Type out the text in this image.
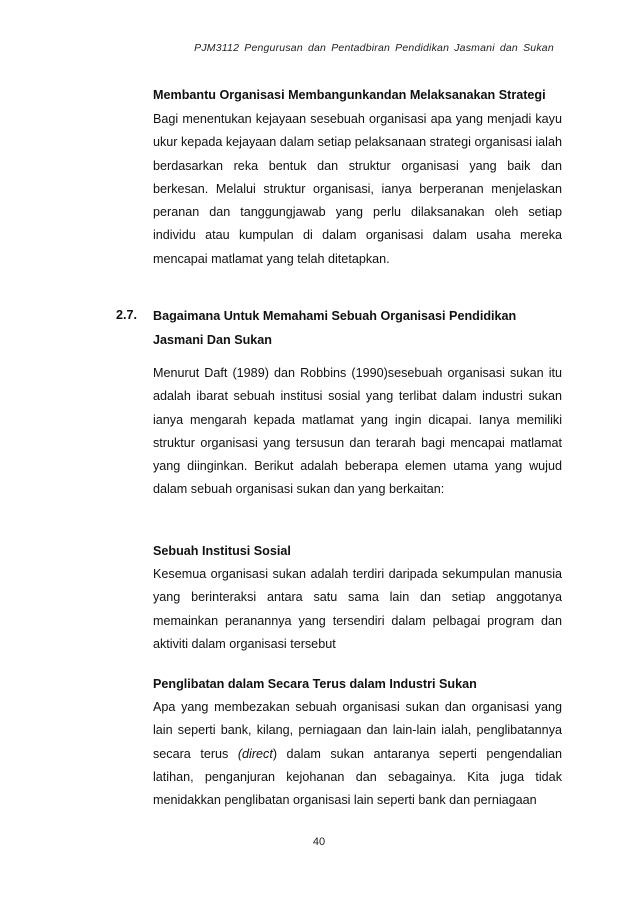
PJM3112 Pengurusan dan Pentadbiran Pendidikan Jasmani dan Sukan

Membantu Organisasi Membangunkandan Melaksanakan Strategi

Bagi menentukan kejayaan sesebuah organisasi apa yang menjadi kayu ukur kepada kejayaan dalam setiap pelaksanaan strategi organisasi ialah berdasarkan reka bentuk dan struktur organisasi yang baik dan berkesan. Melalui struktur organisasi, ianya berperanan menjelaskan peranan dan tanggungjawab yang perlu dilaksanakan oleh setiap individu atau kumpulan di dalam organisasi dalam usaha mereka mencapai matlamat yang telah ditetapkan.

2.7. Bagaimana Untuk Memahami Sebuah Organisasi Pendidikan Jasmani Dan Sukan

Menurut Daft (1989) dan Robbins (1990)sesebuah organisasi sukan itu adalah ibarat sebuah institusi sosial yang terlibat dalam industri sukan ianya mengarah kepada matlamat yang ingin dicapai. Ianya memiliki struktur organisasi yang tersusun dan terarah bagi mencapai matlamat yang diinginkan. Berikut adalah beberapa elemen utama yang wujud dalam sebuah organisasi sukan dan yang berkaitan:

Sebuah Institusi Sosial

Kesemua organisasi sukan adalah terdiri daripada sekumpulan manusia yang berinteraksi antara satu sama lain dan setiap anggotanya memainkan peranannya yang tersendiri dalam pelbagai program dan aktiviti dalam organisasi tersebut

Penglibatan dalam Secara Terus dalam Industri Sukan

Apa yang membezakan sebuah organisasi sukan dan organisasi yang lain seperti bank, kilang, perniagaan dan lain-lain ialah, penglibatannya secara terus (direct) dalam sukan antaranya seperti pengendalian latihan, penganjuran kejohanan dan sebagainya. Kita juga tidak menidakkan penglibatan organisasi lain seperti bank dan perniagaan

40
